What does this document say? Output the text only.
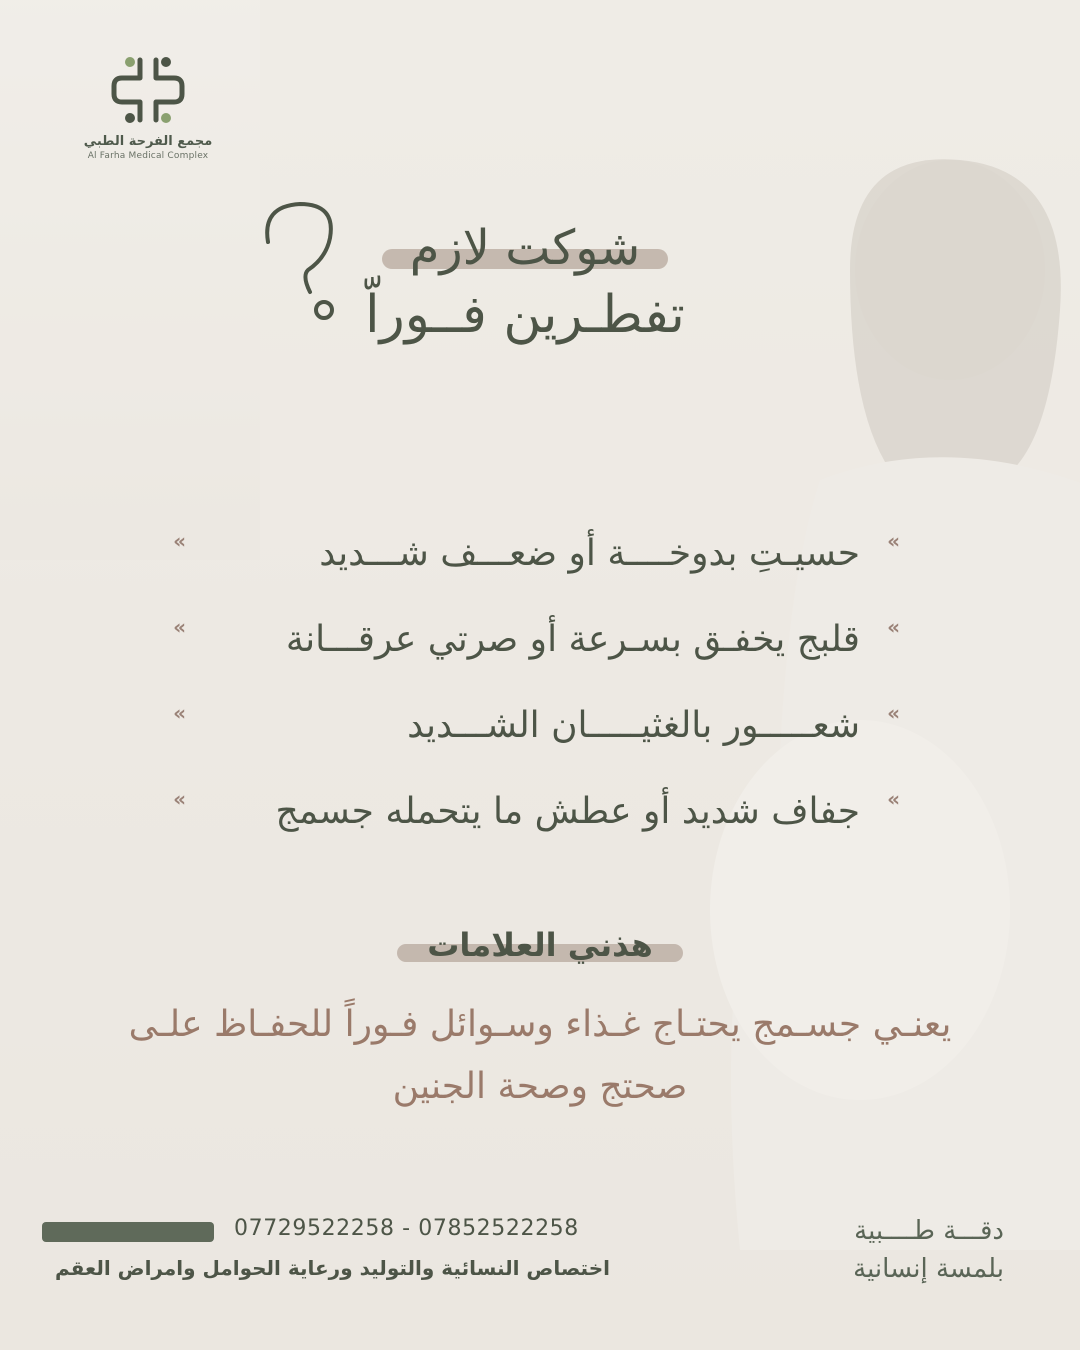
مجمع الفرحة الطبي
Al Farha Medical Complex
شوكت لازم
تفطـرين فــوراّ
»
حسيـتِ بدوخــــة أو ضعـــف شـــديد
»
»
قلبج يخفـق بسـرعة أو صرتي عرقـــانة
»
»
شعـــــور بالغثيـــــان الشـــديد
»
»
جفاف شديد أو عطش ما يتحمله جسمج
»
هذني العلامات
يعنـي جسـمج يحتـاج غـذاء وسـوائل فـوراً للحفـاظ علـى صحتج وصحة الجنين
07729522258 - 07852522258
اختصاص النسائية والتوليد ورعاية الحوامل وامراض العقم
دقـــة طــــبية
بلمسة إنسانية
